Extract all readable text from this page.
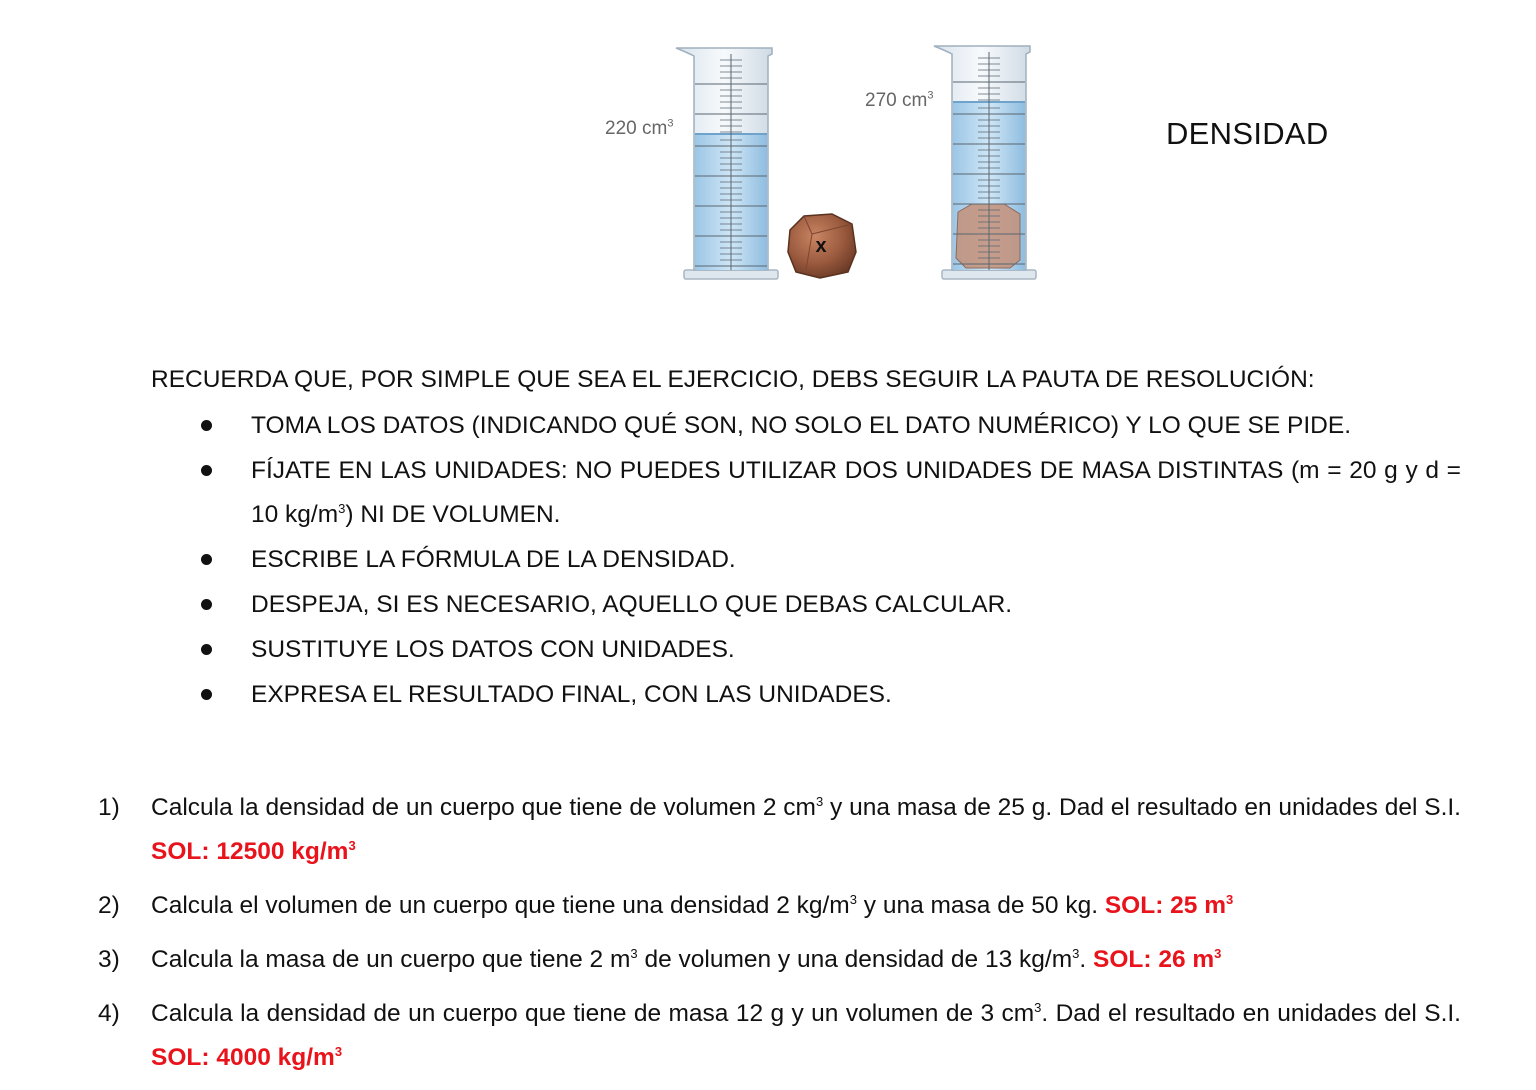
220 $cm^3$
270 $cm^3$
x
DENSIDAD
RECUERDA QUE, POR SIMPLE QUE SEA EL EJERCICIO, DEBS SEGUIR LA PAUTA DE RESOLUCIÓN:
TOMA LOS DATOS (INDICANDO QUÉ SON, NO SOLO EL DATO NUMÉRICO) Y LO QUE SE PIDE.
FÍJATE EN LAS UNIDADES: NO PUEDES UTILIZAR DOS UNIDADES DE MASA DISTINTAS (m = 20 g y d = 10 $kg/m^3$) NI DE VOLUMEN.
ESCRIBE LA FÓRMULA DE LA DENSIDAD.
DESPEJA, SI ES NECESARIO, AQUELLO QUE DEBAS CALCULAR.
SUSTITUYE LOS DATOS CON UNIDADES.
EXPRESA EL RESULTADO FINAL, CON LAS UNIDADES.
1) Calcula la densidad de un cuerpo que tiene de volumen 2 $cm^3$ y una masa de 25 g. Dad el resultado en unidades del S.I. SOL: 12500 $kg/m^3$
2) Calcula el volumen de un cuerpo que tiene una densidad 2 $kg/m^3$ y una masa de 50 kg. SOL: 25 $m^3$
3) Calcula la masa de un cuerpo que tiene 2 $m^3$ de volumen y una densidad de 13 $kg/m^3$. SOL: 26 $m^3$
4) Calcula la densidad de un cuerpo que tiene de masa 12 g y un volumen de 3 $cm^3$. Dad el resultado en unidades del S.I. SOL: 4000 $kg/m^3$
